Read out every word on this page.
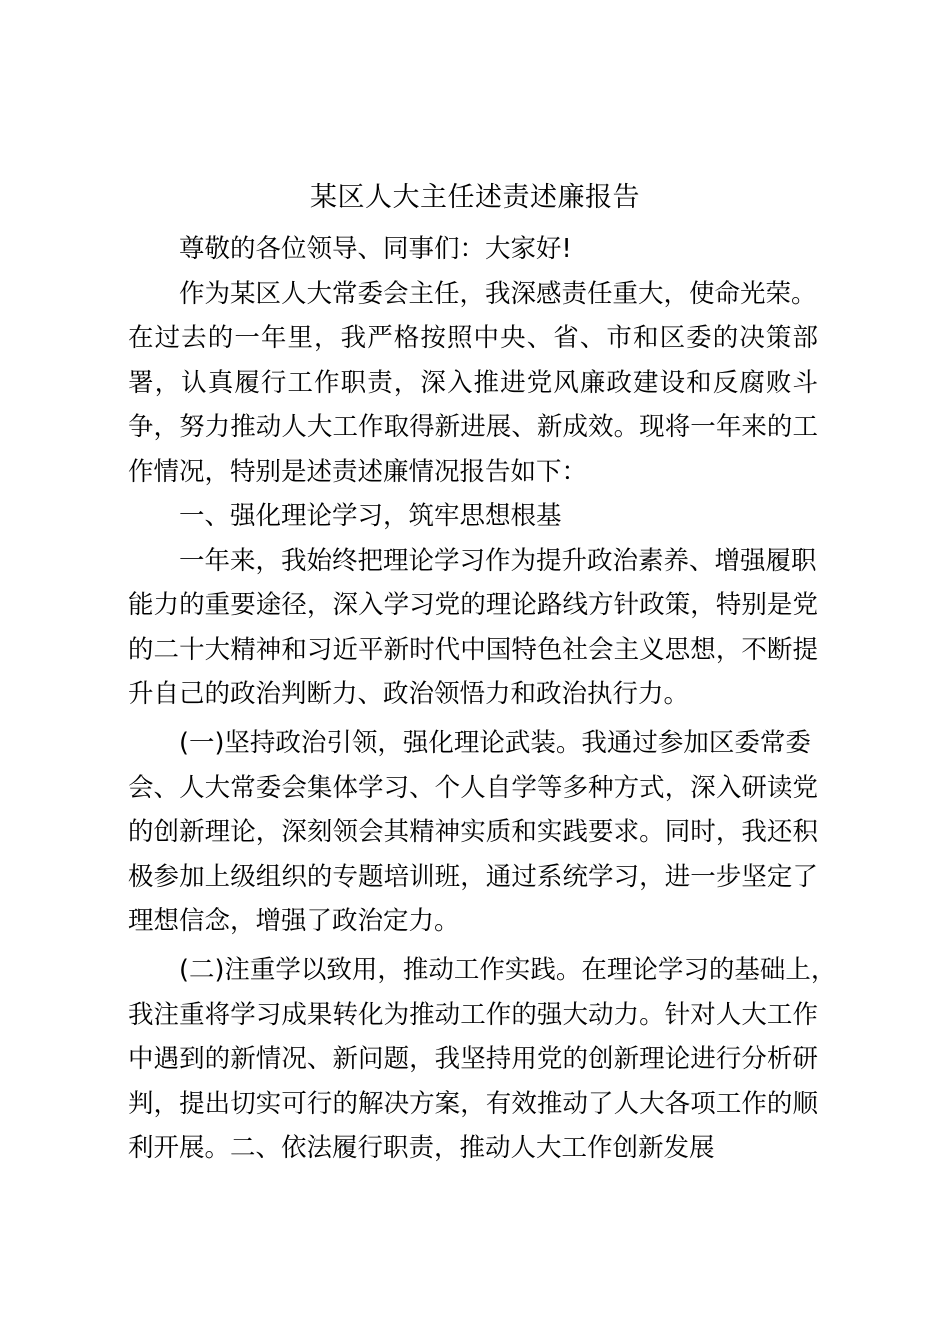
某区人大主任述责述廉报告
尊敬的各位领导、同事们：大家好!
作为某区人大常委会主任，我深感责任重大，使命光荣。
在过去的一年里，我严格按照中央、省、市和区委的决策部
署，认真履行工作职责，深入推进党风廉政建设和反腐败斗
争，努力推动人大工作取得新进展、新成效。现将一年来的工
作情况，特别是述责述廉情况报告如下：
一、强化理论学习，筑牢思想根基
一年来，我始终把理论学习作为提升政治素养、增强履职
能力的重要途径，深入学习党的理论路线方针政策，特别是党
的二十大精神和习近平新时代中国特色社会主义思想，不断提
升自己的政治判断力、政治领悟力和政治执行力。
(一)坚持政治引领，强化理论武装。我通过参加区委常委
会、人大常委会集体学习、个人自学等多种方式，深入研读党
的创新理论，深刻领会其精神实质和实践要求。同时，我还积
极参加上级组织的专题培训班，通过系统学习，进一步坚定了
理想信念，增强了政治定力。
(二)注重学以致用，推动工作实践。在理论学习的基础上，
我注重将学习成果转化为推动工作的强大动力。针对人大工作
中遇到的新情况、新问题，我坚持用党的创新理论进行分析研
判，提出切实可行的解决方案，有效推动了人大各项工作的顺
利开展。二、依法履行职责，推动人大工作创新发展
